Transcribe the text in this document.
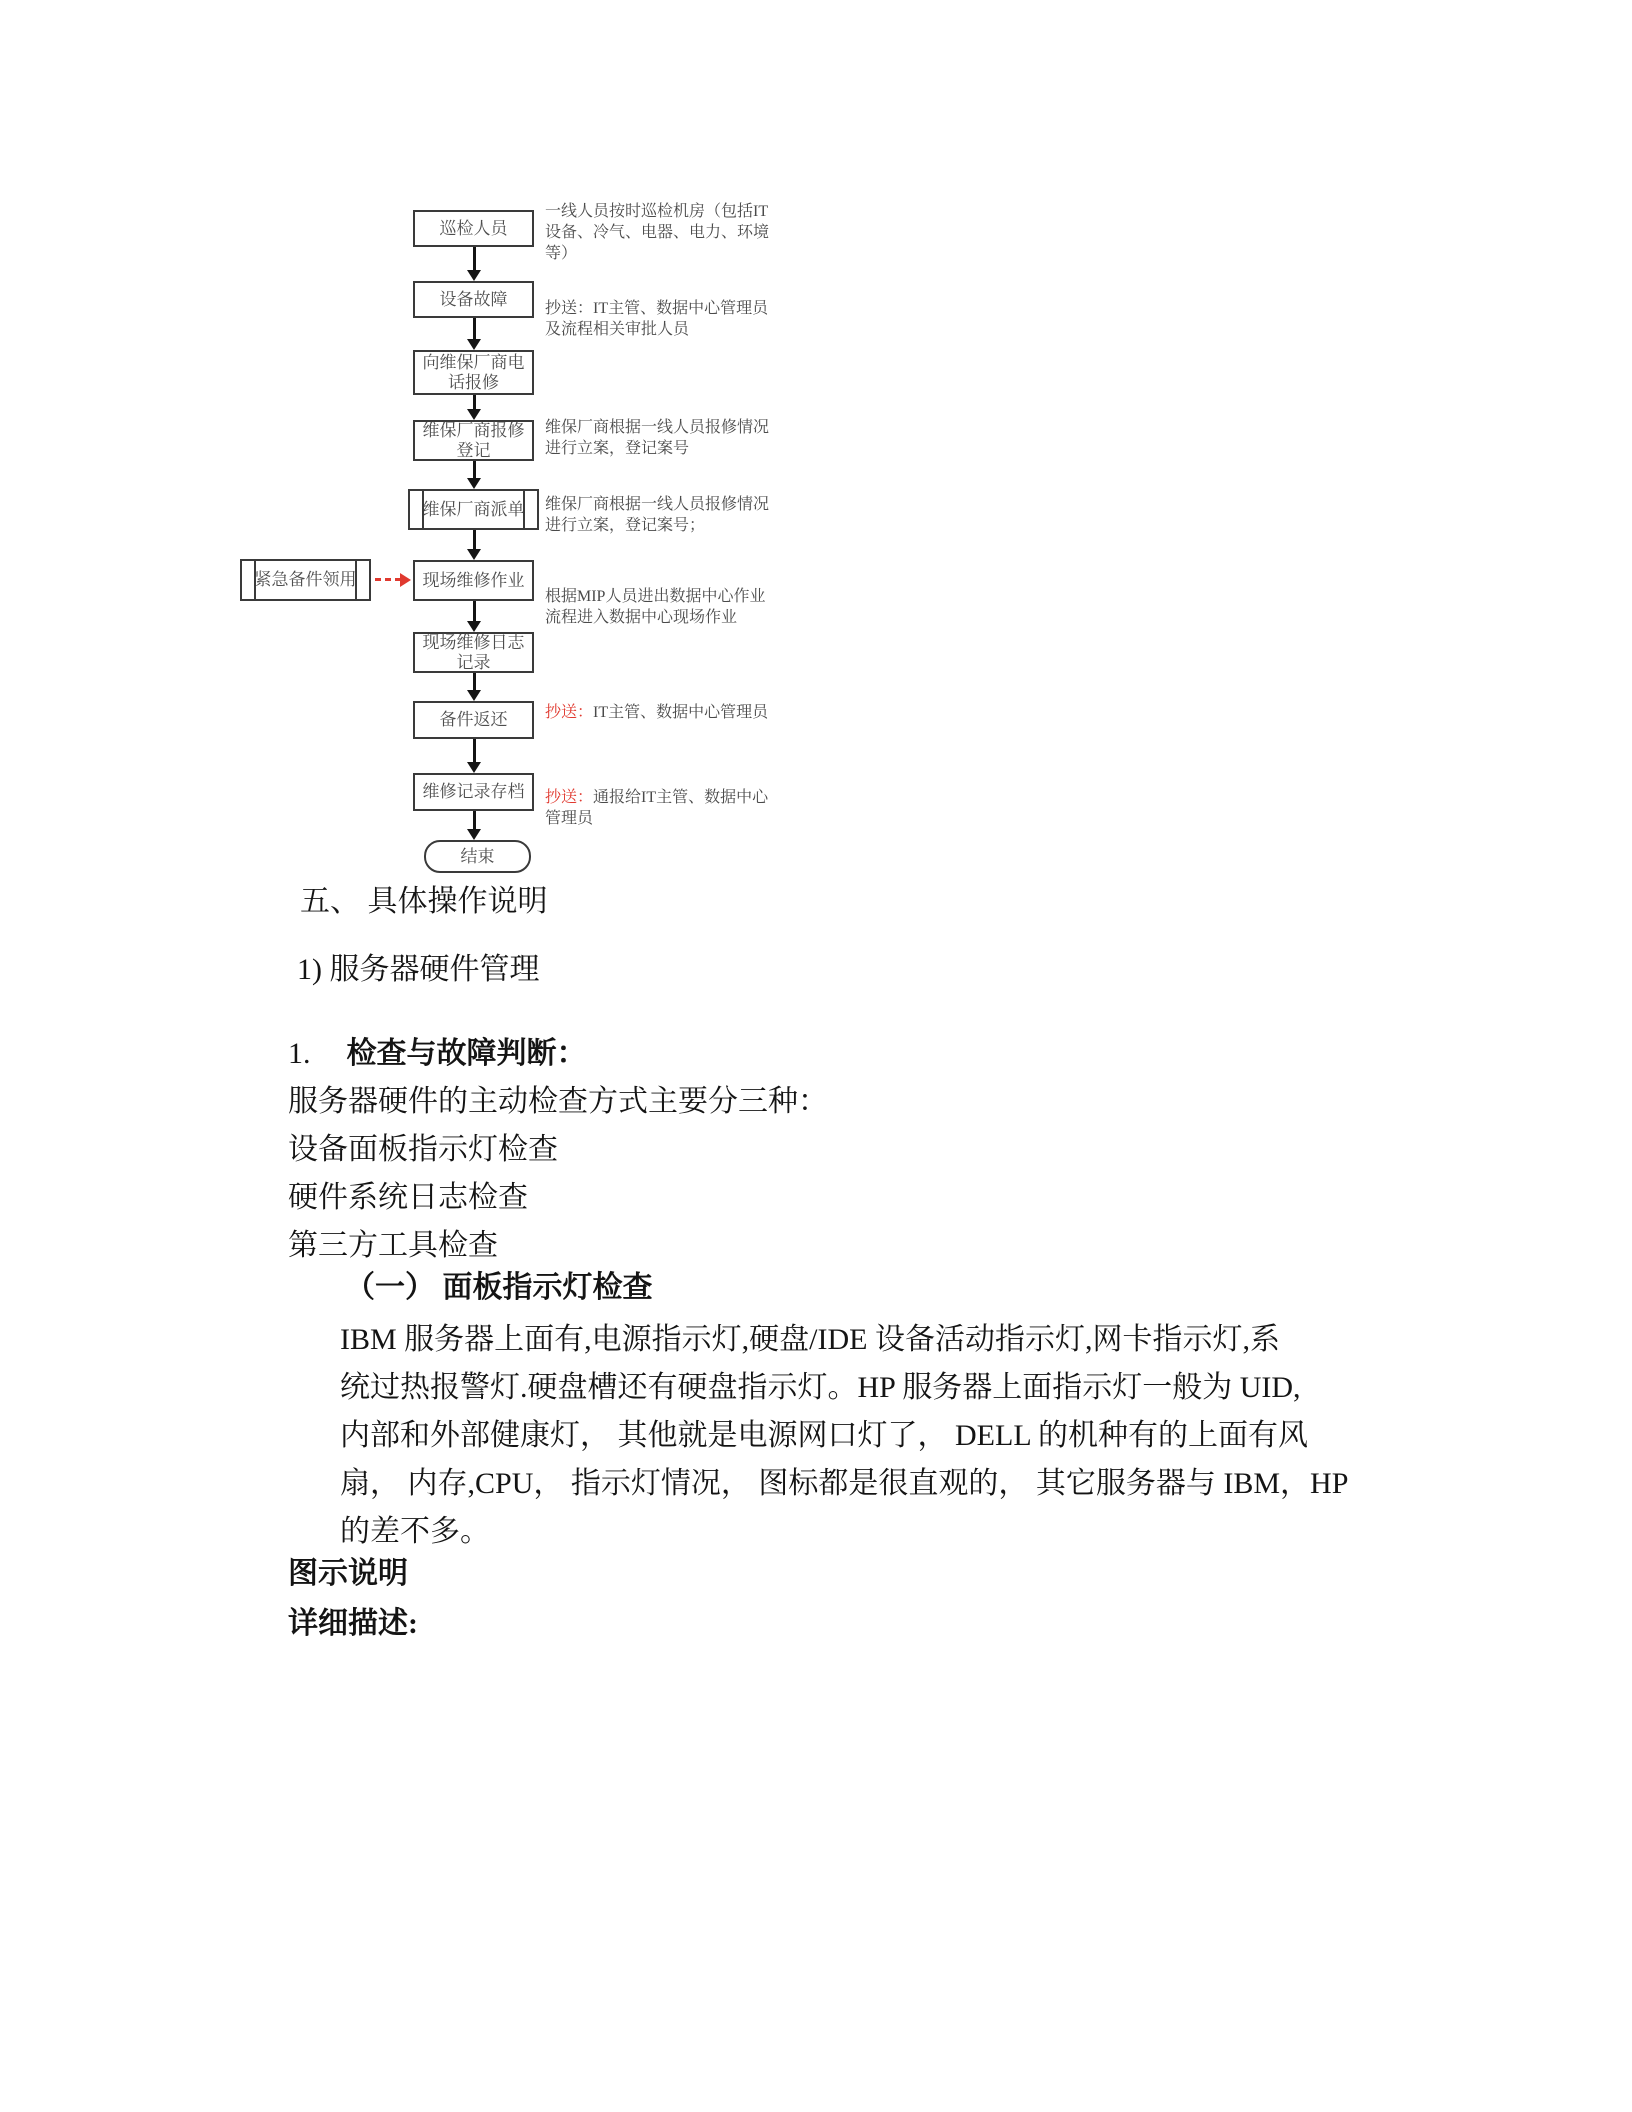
巡检人员
设备故障
向维保厂商电话报修
维保厂商报修登记
维保厂商派单
现场维修作业
现场维修日志记录
备件返还
维修记录存档
结束
紧急备件领用
一线人员按时巡检机房（包括IT设备、冷气、电器、电力、环境等）
抄送：IT主管、数据中心管理员及流程相关审批人员
维保厂商根据一线人员报修情况进行立案，登记案号
维保厂商根据一线人员报修情况进行立案，登记案号；
根据MIP人员进出数据中心作业流程进入数据中心现场作业
抄送：IT主管、数据中心管理员
抄送：通报给IT主管、数据中心管理员
五、 具体操作说明
1) 服务器硬件管理
1. 检查与故障判断：
服务器硬件的主动检查方式主要分三种：
设备面板指示灯检查
硬件系统日志检查
第三方工具检查
（一） 面板指示灯检查
IBM 服务器上面有,电源指示灯,硬盘/IDE 设备活动指示灯,网卡指示灯,系
统过热报警灯.硬盘槽还有硬盘指示灯。HP 服务器上面指示灯一般为 UID,
内部和外部健康灯， 其他就是电源网口灯了， DELL 的机种有的上面有风
扇， 内存,CPU， 指示灯情况， 图标都是很直观的， 其它服务器与 IBM，HP
的差不多。
图示说明
详细描述:
